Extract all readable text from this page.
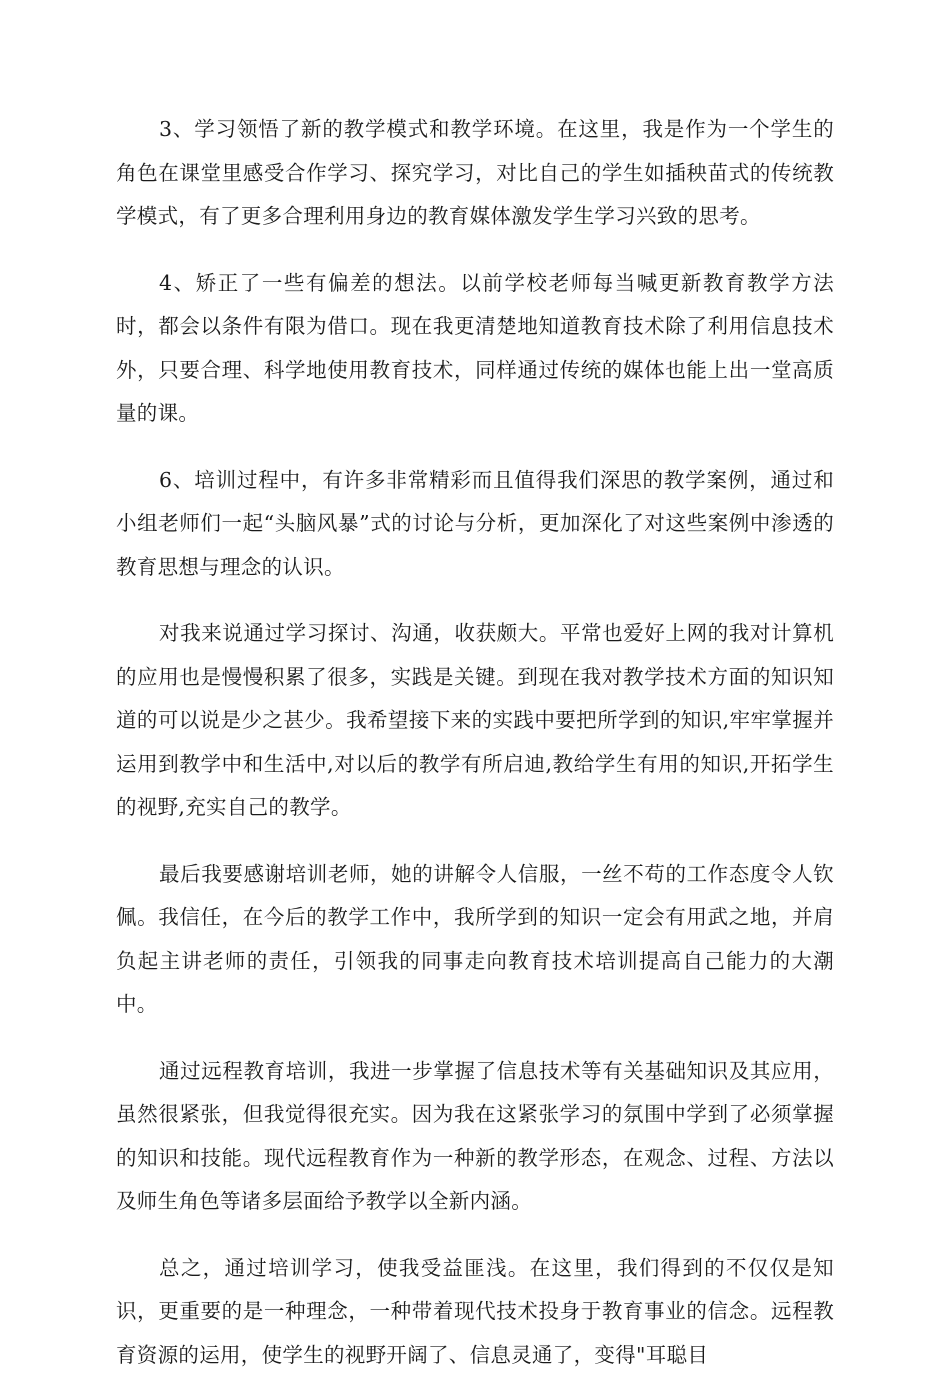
3、学习领悟了新的教学模式和教学环境。在这里，我是作为一个学生的角色在课堂里感受合作学习、探究学习，对比自己的学生如插秧苗式的传统教学模式，有了更多合理利用身边的教育媒体激发学生学习兴致的思考。

4、矫正了一些有偏差的想法。以前学校老师每当喊更新教育教学方法时，都会以条件有限为借口。现在我更清楚地知道教育技术除了利用信息技术外，只要合理、科学地使用教育技术，同样通过传统的媒体也能上出一堂高质量的课。

6、培训过程中，有许多非常精彩而且值得我们深思的教学案例，通过和小组老师们一起“头脑风暴”式的讨论与分析，更加深化了对这些案例中渗透的教育思想与理念的认识。

对我来说通过学习探讨、沟通，收获颇大。平常也爱好上网的我对计算机的应用也是慢慢积累了很多，实践是关键。到现在我对教学技术方面的知识知道的可以说是少之甚少。我希望接下来的实践中要把所学到的知识,牢牢掌握并运用到教学中和生活中,对以后的教学有所启迪,教给学生有用的知识,开拓学生的视野,充实自己的教学。

最后我要感谢培训老师，她的讲解令人信服，一丝不苟的工作态度令人钦佩。我信任，在今后的教学工作中，我所学到的知识一定会有用武之地，并肩负起主讲老师的责任，引领我的同事走向教育技术培训提高自己能力的大潮中。

通过远程教育培训，我进一步掌握了信息技术等有关基础知识及其应用，虽然很紧张，但我觉得很充实。因为我在这紧张学习的氛围中学到了必须掌握的知识和技能。现代远程教育作为一种新的教学形态，在观念、过程、方法以及师生角色等诸多层面给予教学以全新内涵。

总之，通过培训学习，使我受益匪浅。在这里，我们得到的不仅仅是知识，更重要的是一种理念，一种带着现代技术投身于教育事业的信念。远程教育资源的运用，使学生的视野开阔了、信息灵通了，变得"耳聪目
